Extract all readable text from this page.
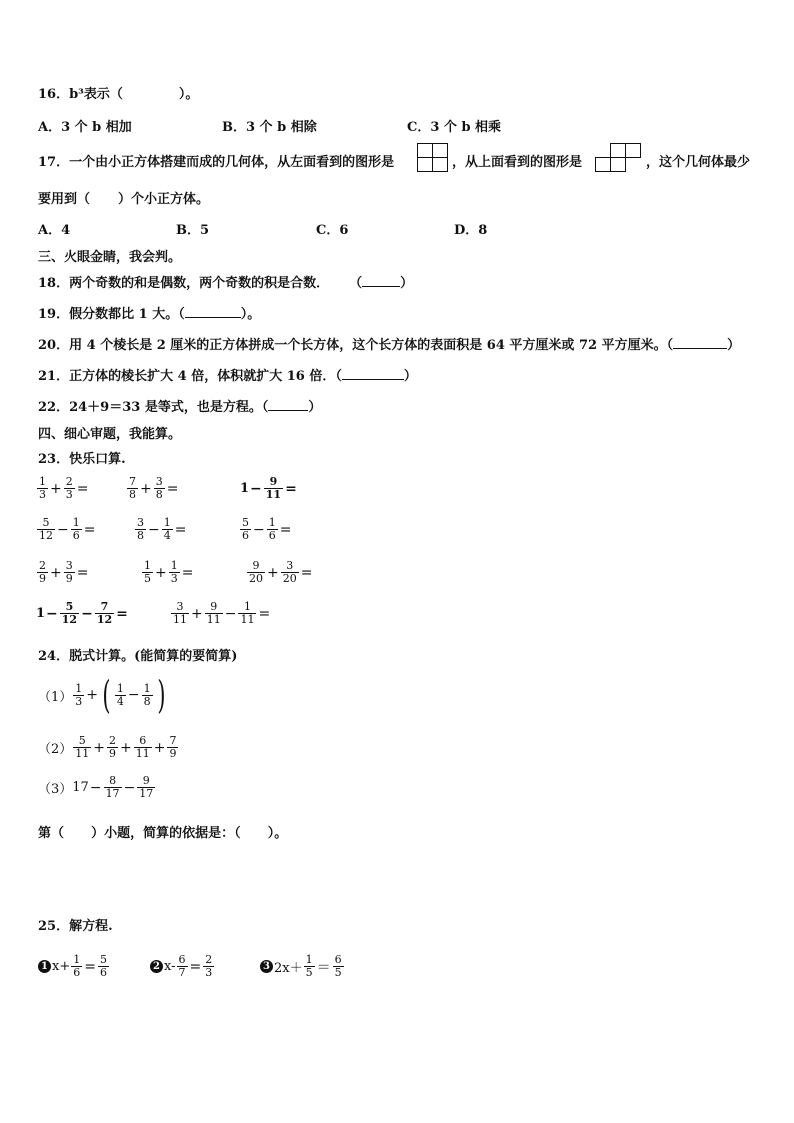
16．b³表示（	）。
A．3 个 b 相加	B．3 个 b 相除	C．3 个 b 相乘
17．一个由小正方体搭建而成的几何体，从左面看到的图形是	，从上面看到的图形是	，这个几何体最少
要用到（ ）个小正方体。
A．4	B．5	C．6	D．8
三、火眼金睛，我会判。
18．两个奇数的和是偶数，两个奇数的积是合数． （	）
19．假分数都比 1 大。（	）。
20．用 4 个棱长是 2 厘米的正方体拼成一个长方体，这个长方体的表面积是 64 平方厘米或 72 平方厘米。（	）
21．正方体的棱长扩大 4 倍，体积就扩大 16 倍．（	）
22．24＋9＝33 是等式，也是方程。（	）
四、细心审题，我能算。
23．快乐口算.
$\frac{1}{3} + \frac{2}{3}$ =	$\frac{7}{8} + \frac{3}{8}$ =	$1 - \frac{9}{11}$ =
$\frac{5}{12} - \frac{1}{6}$ =	$\frac{3}{8} - \frac{1}{4}$ =	$\frac{5}{6} - \frac{1}{6}$ =
$\frac{2}{9} + \frac{3}{9}$ =	$\frac{1}{5} + \frac{1}{3}$ =	$\frac{9}{20} + \frac{3}{20}$ =
$1 - \frac{5}{12} - \frac{7}{12}$ =	$\frac{3}{11} + \frac{9}{11} - \frac{1}{11}$ =
24．脱式计算。(能简算的要简算)
$(1) \frac{1}{3}$ + ( $\frac{1}{4} - \frac{1}{8}$ )
$(2) \frac{5}{11} + \frac{2}{9} + \frac{6}{11} + \frac{7}{9}$
（3） $17 - \frac{8}{17} - \frac{9}{17}$
第（      ）小题，简算的依据是：（      ）。
25．解方程.
1 $x+ \frac{1}{6} = \frac{5}{6}$	2 $x- \frac{6}{7} = \frac{2}{3}$	3 $2x+ \frac{1}{5} = \frac{6}{5}$
